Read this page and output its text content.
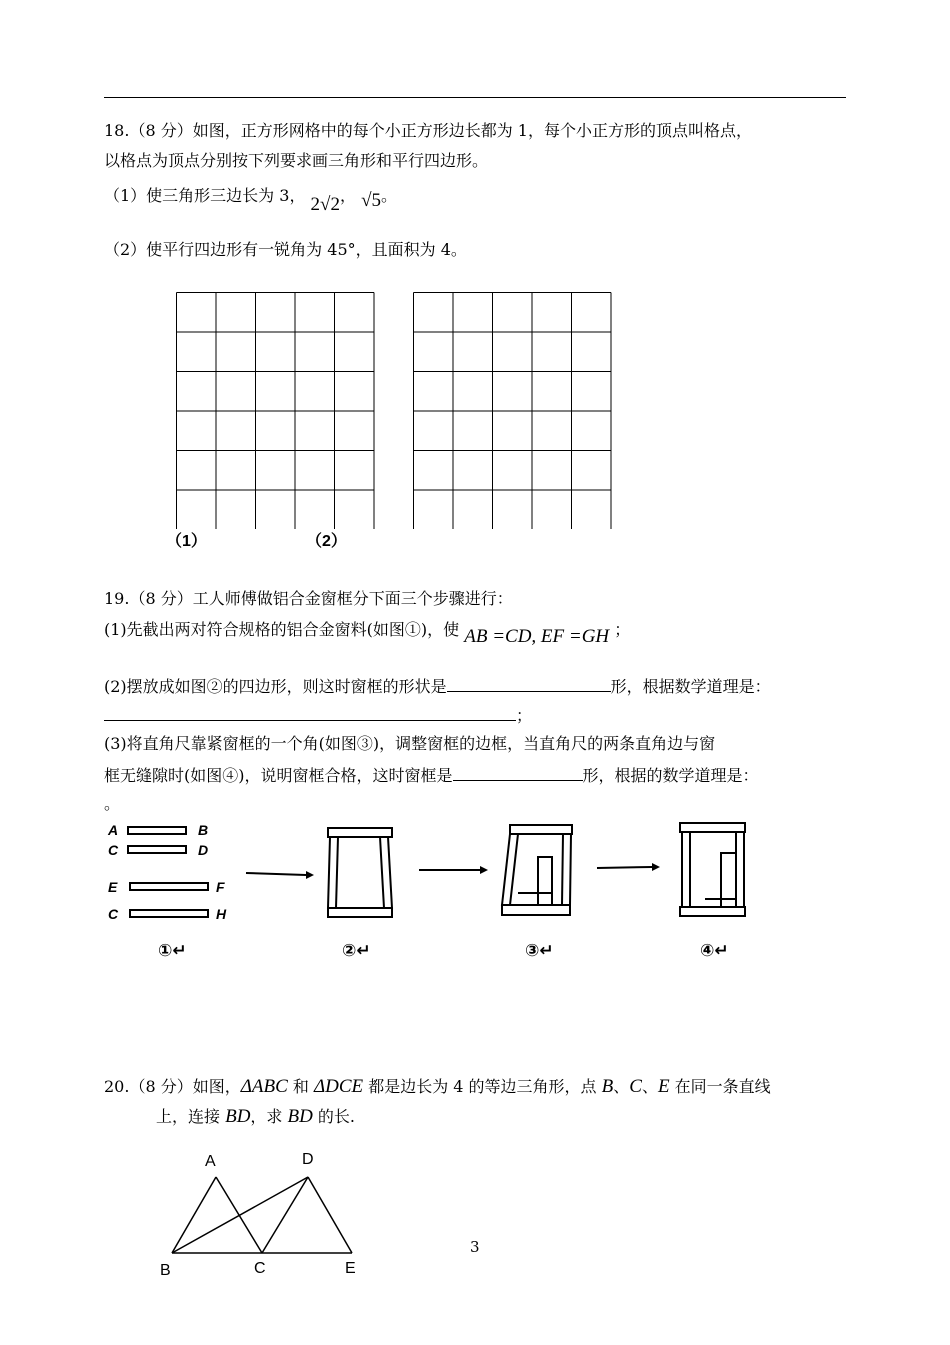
18.（8 分）如图，正方形网格中的每个小正方形边长都为 1，每个小正方形的顶点叫格点，
以格点为顶点分别按下列要求画三角形和平行四边形。
（1）使三角形三边长为 3， 2√2， √5。
（2）使平行四边形有一锐角为 45°，且面积为 4。
（1）	（2）
19.（8 分）工人师傅做铝合金窗框分下面三个步骤进行：
(1)先截出两对符合规格的铝合金窗料(如图①)，使 AB =CD, EF =GH ；
(2)摆放成如图②的四边形，则这时窗框的形状是	形，根据数学道理是：
；
(3)将直角尺靠紧窗框的一个角(如图③)，调整窗框的边框，当直角尺的两条直角边与窗
框无缝隙时(如图④)，说明窗框合格，这时窗框是	形，根据的数学道理是：
。
A	B
C	D
E	F
C	H
①↵	②↵	③↵	④↵
20.（8 分）如图，ΔABC 和 ΔDCE 都是边长为 4 的等边三角形，点 B、C、E 在同一条直线
上，连接 BD，求 BD 的长.
A	D
B	C	E
3
